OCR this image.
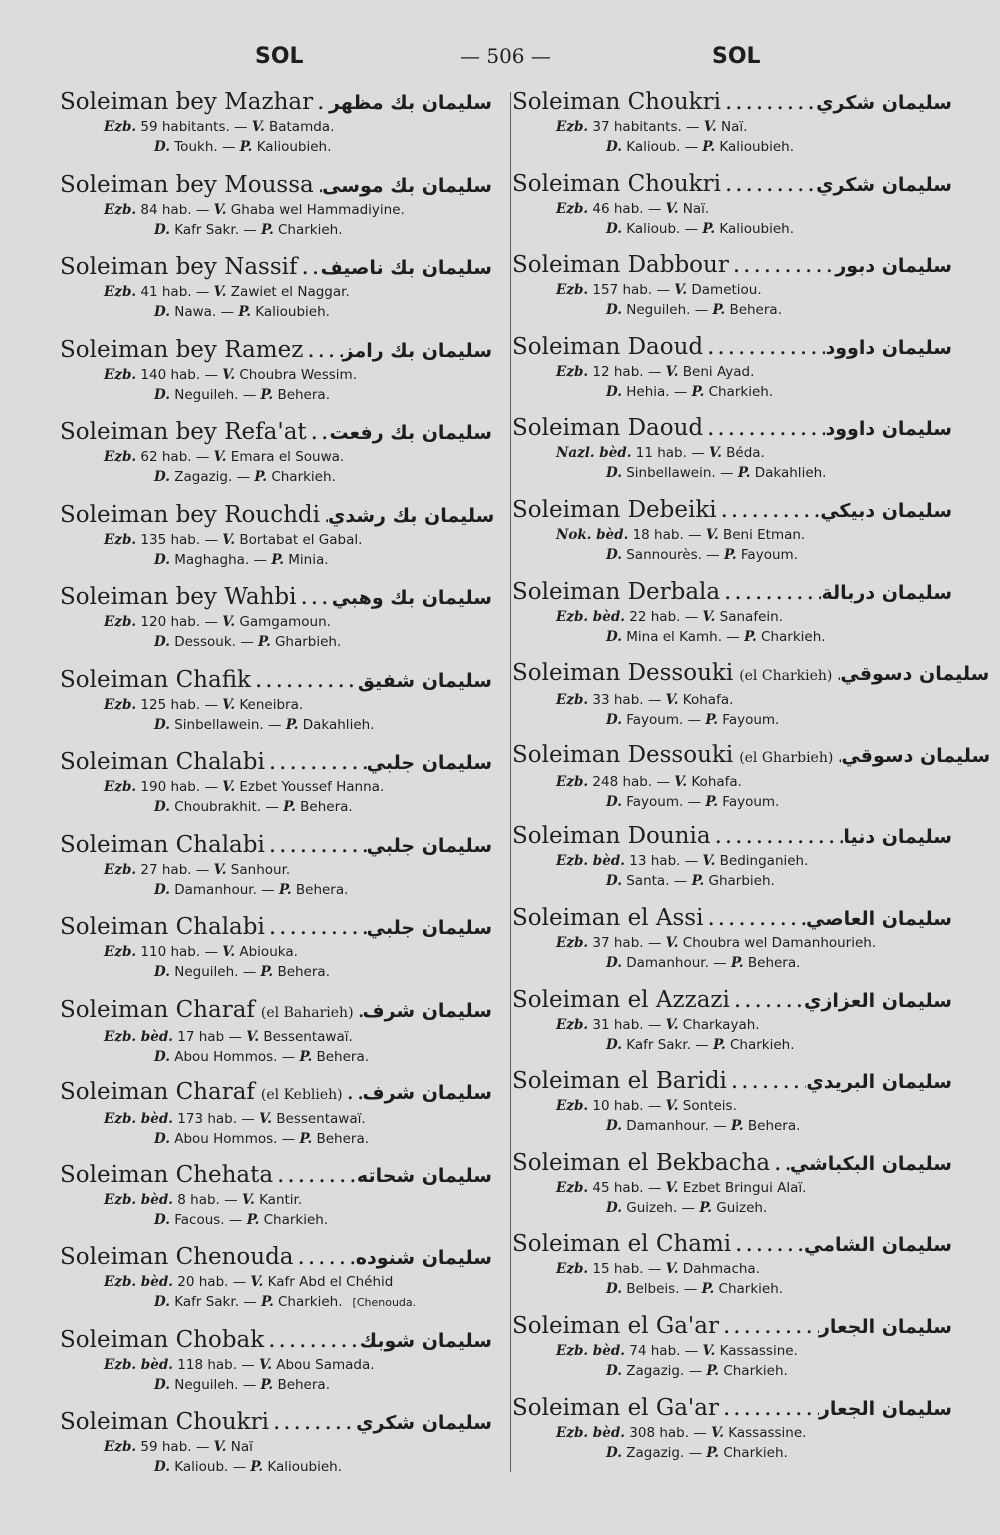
SOL	— 506 —	SOL
Soleiman bey Mazhar ..... سليمان بك مظهر
Ezb. 59 habitants. — V. Batamda.
D. Toukh. — P. Kalioubieh.
Soleiman bey Moussa ..... سليمان بك موسى
Ezb. 84 hab. — V. Ghaba wel Hammadiyine.
D. Kafr Sakr. — P. Charkieh.
Soleiman bey Nassif ..... سليمان بك ناصيف
Ezb. 41 hab. — V. Zawiet el Naggar.
D. Nawa. — P. Kalioubieh.
Soleiman bey Ramez ..... سليمان بك رامز
Ezb. 140 hab. — V. Choubra Wessim.
D. Neguileh. — P. Behera.
Soleiman bey Refa'at ..... سليمان بك رفعت
Ezb. 62 hab. — V. Emara el Souwa.
D. Zagazig. — P. Charkieh.
Soleiman bey Rouchdi ..... سليمان بك رشدي
Ezb. 135 hab. — V. Bortabat el Gabal.
D. Maghagha. — P. Minia.
Soleiman bey Wahbi ..... سليمان بك وهبي
Ezb. 120 hab. — V. Gamgamoun.
D. Dessouk. — P. Gharbieh.
Soleiman Chafik .....	سليمان شفيق
Ezb. 125 hab. — V. Keneibra.
D. Sinbellawein. — P. Dakahlieh.
Soleiman Chalabi .....	سليمان جلبي
Ezb. 190 hab. — V. Ezbet Youssef Hanna.
D. Choubrakhit. — P. Behera.
Soleiman Chalabi .....	سليمان جلبي
Ezb. 27 hab. — V. Sanhour.
D. Damanhour. — P. Behera.
Soleiman Chalabi .....	سليمان جلبي
Ezb. 110 hab. — V. Abiouka.
D. Neguileh. — P. Behera.
Soleiman Charaf (el Baharieh) ..... سليمان شرف
Ezb. bèd. 17 hab — V. Bessentawaï.
D. Abou Hommos. — P. Behera.
Soleiman Charaf (el Keblieh) ..... سليمان شرف
Ezb. bèd. 173 hab. — V. Bessentawaï.
D. Abou Hommos. — P. Behera.
Soleiman Chehata .....	سليمان شحاته
Ezb. bèd. 8 hab. — V. Kantir.
D. Facous. — P. Charkieh.
Soleiman Chenouda .....	سليمان شنوده
Ezb. bèd. 20 hab. — V. Kafr Abd el Chéhid
D. Kafr Sakr. — P. Charkieh. [Chenouda.
Soleiman Chobak .....	سليمان شوبك
Ezb. bèd. 118 hab. — V. Abou Samada.
D. Neguileh. — P. Behera.
Soleiman Choukri .....	سليمان شكري
Ezb. 59 hab. — V. Naï
D. Kalioub. — P. Kalioubieh.
Soleiman Choukri .....	سليمان شكري
Ezb. 37 habitants. — V. Naï.
D. Kalioub. — P. Kalioubieh.
Soleiman Choukri .....	سليمان شكري
Ezb. 46 hab. — V. Naï.
D. Kalioub. — P. Kalioubieh.
Soleiman Dabbour .....	سليمان دبور
Ezb. 157 hab. — V. Dametiou.
D. Neguileh. — P. Behera.
Soleiman Daoud .....	سليمان داوود
Ezb. 12 hab. — V. Beni Ayad.
D. Hehia. — P. Charkieh.
Soleiman Daoud .....	سليمان داوود
Nazl. bèd. 11 hab. — V. Béda.
D. Sinbellawein. — P. Dakahlieh.
Soleiman Debeiki .....	سليمان دبيكي
Nok. bèd. 18 hab. — V. Beni Etman.
D. Sannourès. — P. Fayoum.
Soleiman Derbala .....	سليمان دربالة
Ezb. bèd. 22 hab. — V. Sanafein.
D. Mina el Kamh. — P. Charkieh.
Soleiman Dessouki (el Charkieh) ..... سليمان دسوقي
Ezb. 33 hab. — V. Kohafa.
D. Fayoum. — P. Fayoum.
Soleiman Dessouki (el Gharbieh) ..... سليمان دسوقي
Ezb. 248 hab. — V. Kohafa.
D. Fayoum. — P. Fayoum.
Soleiman Dounia .....	سليمان دنيا
Ezb. bèd. 13 hab. — V. Bedinganieh.
D. Santa. — P. Gharbieh.
Soleiman el Assi .....	سليمان العاصي
Ezb. 37 hab. — V. Choubra wel Damanhourieh.
D. Damanhour. — P. Behera.
Soleiman el Azzazi .....	سليمان العزازي
Ezb. 31 hab. — V. Charkayah.
D. Kafr Sakr. — P. Charkieh.
Soleiman el Baridi .....	سليمان البريدي
Ezb. 10 hab. — V. Sonteis.
D. Damanhour. — P. Behera.
Soleiman el Bekbacha ..... سليمان البكباشي
Ezb. 45 hab. — V. Ezbet Bringui Alaï.
D. Guizeh. — P. Guizeh.
Soleiman el Chami .....	سليمان الشامي
Ezb. 15 hab. — V. Dahmacha.
D. Belbeis. — P. Charkieh.
Soleiman el Ga'ar .....	سليمان الجعار
Ezb. bèd. 74 hab. — V. Kassassine.
D. Zagazig. — P. Charkieh.
Soleiman el Ga'ar .....	سليمان الجعار
Ezb. bèd. 308 hab. — V. Kassassine.
D. Zagazig. — P. Charkieh.
